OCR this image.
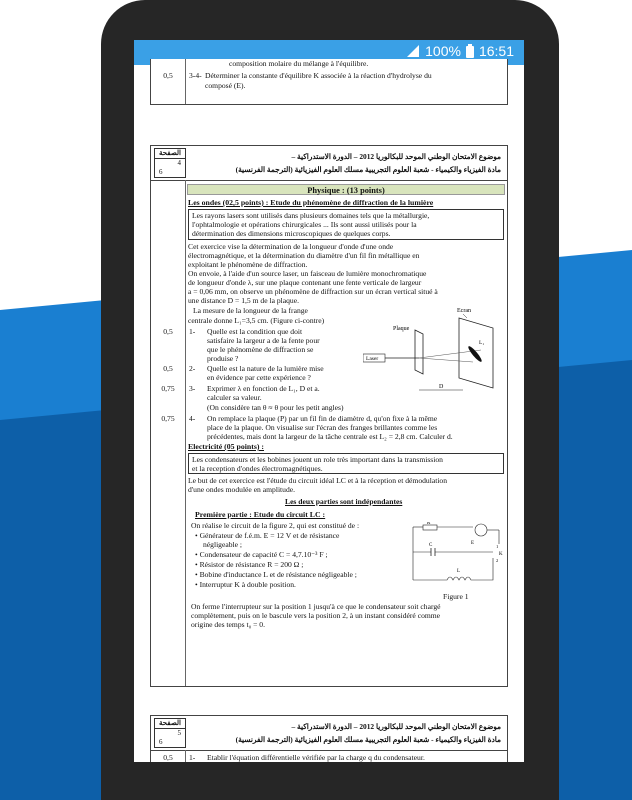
100% 16:51
composition molaire du mélange à l'équilibre.
0,5	3-4- Déterminer la constante d'équilibre K associée à la réaction d'hydrolyse du
composé (E).
الصفحة
4
6
موضوع الامتحان الوطني الموحد للبكالوريا 2012 – الدورة الاستدراكية –
مادة الفيزياء والكيمياء - شعبة العلوم التجريبية مسلك العلوم الفيزيائية (الترجمة الفرنسية)
Physique : (13 points)
Les ondes (02,5 points) : Etude du phénomène de diffraction de la lumière
Les rayons lasers sont utilisés dans plusieurs domaines tels que la métallurgie,
l'ophtalmologie et opérations chirurgicales ... Ils sont aussi utilisés pour la
détermination des dimensions microscopiques de quelques corps.
Cet exercice vise la détermination de la longueur d'onde d'une onde
électromagnétique, et la détermination du diamètre d'un fil fin métallique en
exploitant le phénomène de diffraction.
On envoie, à l'aide d'un source laser, un faisceau de lumière monochromatique
de longueur d'onde λ, sur une plaque contenant une fente verticale de largeur
a = 0,06 mm, on observe un phénomène de diffraction sur un écran vertical situé à
une distance D = 1,5 m de la plaque.
La mesure de la longueur de la frange
centrale donne L₁=3,5 cm. (Figure ci-contre)
Ecran
Plaque
Laser
L₁
D
0,5	1- Quelle est la condition que doit
satisfaire la largeur a de la fente pour
que le phénomène de diffraction se
produise ?
0,5	2- Quelle est la nature de la lumière mise
en évidence par cette expérience ?
0,75	3- Exprimer λ en fonction de L₁, D et a.
calculer sa valeur.
(On considère tan θ ≈ θ pour les petit angles)
0,75	4- On remplace la plaque (P) par un fil fin de diamètre d, qu'on fixe à la même
place de la plaque. On visualise sur l'écran des franges brillantes comme les
précédentes, mais dont la largeur de la tâche centrale est L₂ = 2,8 cm. Calculer d.
Electricité (05 points) :
Les condensateurs et les bobines jouent un role très important dans la transmission
et la reception d'ondes électromagnétiques.
Le but de cet exercice est l'étude du circuit idéal LC et à la réception et démodulation
d'une ondes modulée en amplitude.
Les deux parties sont indépendantes
Première partie : Etude du circuit LC :
On réalise le circuit de la figure 2, qui est constitué de :
• Générateur de f.é.m. E = 12 V et de résistance
négligeable ;
• Condensateur de capacité C = 4,7.10⁻³ F ;
• Résistor de résistance R = 200 Ω ;
• Bobine d'inductance L et de résistance négligeable ;
• Interruptur K à double position.
R
E
C	1
K
2
L
Figure 1
On ferme l'interrupteur sur la position 1 jusqu'à ce que le condensateur soit chargé
complètement, puis on le bascule vers la position 2, à un instant considéré comme
origine des temps t₀ = 0.
الصفحة
5
6
موضوع الامتحان الوطني الموحد للبكالوريا 2012 – الدورة الاستدراكية –
مادة الفيزياء والكيمياء - شعبة العلوم التجريبية مسلك العلوم الفيزيائية (الترجمة الفرنسية)
0,5	1- Etablir l'équation différentielle vérifiée par la charge q du condensateur.
